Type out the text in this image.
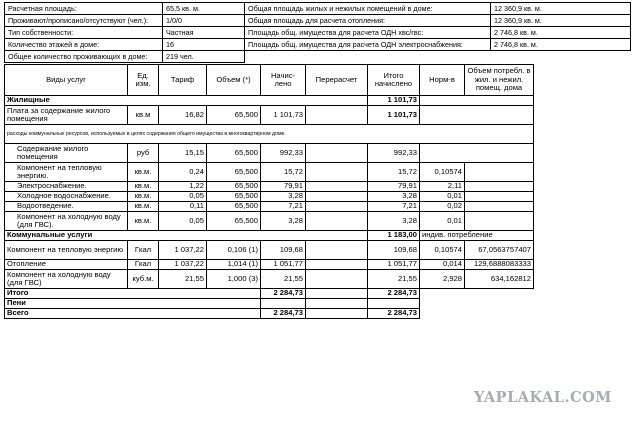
Расчетная площадь:	65,5 кв. м.	Общая площадь жилых и нежилых помещений в доме:	12 360,9 кв. м.
Проживают/прописано/отсутствуют (чел.):	1/0/0	Общая площадь для расчета отопления:	12 360,9 кв. м.
Тип собственности:	Частная	Площадь общ. имущества для расчета ОДН хвс/гвс:	2 746,8 кв. м.
Количество этажей в доме:	16	Площадь общ. имущества для расчета ОДН электроснабжения:	2 746,8 кв. м.
Общее количество проживающих в доме:	219 чел.		
Виды услуг	Ед. изм.	Тариф	Объем (*)	Начис- лено	Перерасчет	Итого начислено	Норм-в	Объем потребл. в жил. и нежил. помещ. дома
Жилищные						1 101,73		
Плата за содержание жилого помещения	кв.м	16,82	65,500	1 101,73		1 101,73		
расходы коммунальных ресурсов, используемых в целях содержания общего имущества в многоквартирном доме.								
Содержание жилого помещения	руб	15,15	65,500	992,33		992,33		
Компонент на тепловую энергию.	кв.м.	0,24	65,500	15,72		15,72	0,10574	
Электроснабжение.	кв.м.	1,22	65,500	79,91		79,91	2,11	
Холодное водоснабжение.	кв.м.	0,05	65,500	3,28		3,28	0,01	
Водоотведение.	кв.м.	0,11	65,500	7,21		7,21	0,02	
Компонент на холодную воду (для ГВС).	кв.м.	0,05	65,500	3,28		3,28	0,01	
Коммунальные услуги						1 183,00	индив. потребление	
Компонент на тепловую энергию	Гкал	1 037,22	0,106 (1)	109,68		109,68	0,10574	67,0563757407
Отопление	Гкал	1 037,22	1,014 (1)	1 051,77		1 051,77	0,014	129,6888083333
Компонент на холодную воду (для ГВС)	куб.м.	21,55	1,000 (3)	21,55		21,55	2,928	634,162812
Итого				2 284,73		2 284,73		
Пени								
Всего				2 284,73		2 284,73		
YAPLAKAL.COM
